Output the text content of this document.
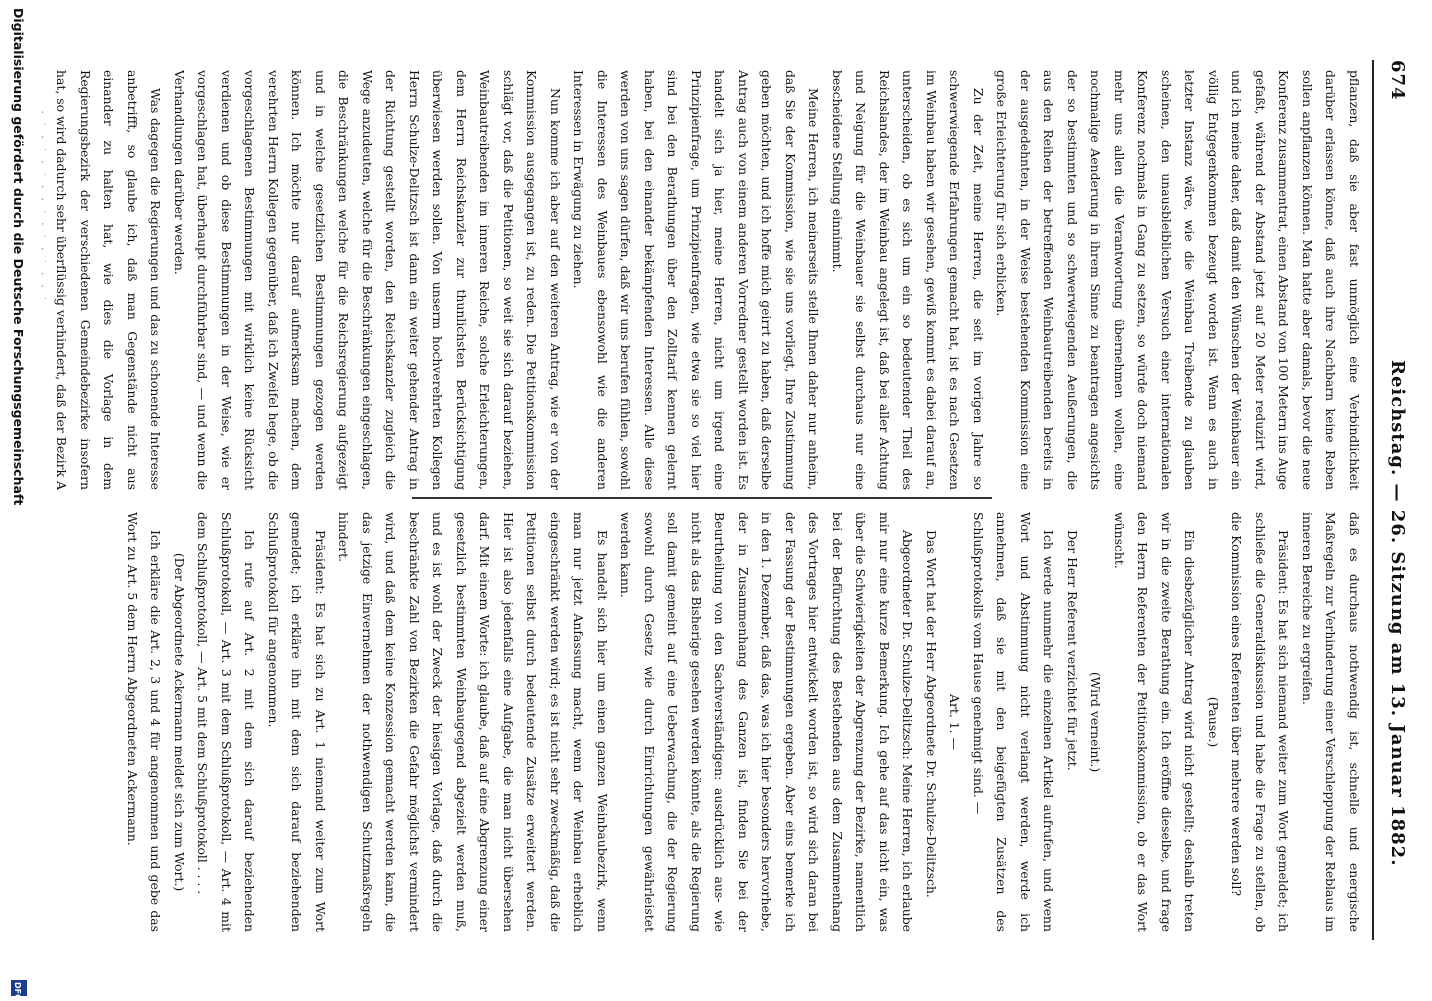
674
Reichstag. — 26. Sitzung am 13. Januar 1882.

pflanzen, daß sie aber fast unmöglich eine Verbindlichkeit darüber erlassen könne, daß auch ihre Nachbarn keine Reben sollen anpflanzen können. Man hatte aber damals, bevor die neue Konferenz zusammentrat, einen Abstand von 100 Metern ins Auge gefaßt, während der Abstand jetzt auf 20 Meter reduzirt wird, und ich meine daher, daß damit den Wünschen der Weinbauer ein völlig Entgegenkommen bezeugt worden ist. Wenn es auch in letzter Instanz wäre, wie die Weinbau Treibende zu glauben scheinen, den unausbleiblichen Versuch einer internationalen Konferenz nochmals in Gang zu setzen, so würde doch niemand mehr uns allen die Verantwortung übernehmen wollen, eine nochmalige Aenderung in ihrem Sinne zu beantragen angesichts der so bestimmten und so schwerwiegenden Aeußerungen, die aus den Reihen der betreffenden Weinbautreibenden bereits in der ausgedehnten, in der Weise bestehenden Kommission eine große Erleichterung für sich erblicken.

Zu der Zeit, meine Herren, die seit im vorigen Jahre so schwerwiegende Erfahrungen gemacht hat, ist es nach Gesetzen im Weinbau haben wir gesehen, gewiß kommt es dabei darauf an, unterscheiden, ob es sich um ein so bedeutender Theil des Reichslandes, der im Weinbau angelegt ist, daß bei aller Achtung und Neigung für die Weinbauer sie selbst durchaus nur eine bescheidene Stellung einnimmt.

Meine Herren, ich meinerseits stelle Ihnen daher nur anheim, daß Sie der Kommission, wie sie uns vorliegt, Ihre Zustimmung geben möchten, und ich hoffe mich geirrt zu haben, daß derselbe Antrag auch von einem anderen Vorredner gestellt worden ist. Es handelt sich ja hier, meine Herren, nicht um irgend eine Prinzipienfrage, um Prinzipienfragen, wie etwa sie so viel hier sind bei den Berathungen über den Zolltarif kennen gelernt haben, bei den einander bekämpfenden Interessen. Alle diese werden von uns sagen dürfen, daß wir uns berufen fühlen, sowohl die Interessen des Weinbaues ebensowohl wie die anderen Interessen in Erwägung zu ziehen.

Nun komme ich aber auf den weiteren Antrag, wie er von der Kommission ausgegangen ist, zu reden. Die Petitionskommission schlägt vor, daß die Petitionen, so weit sie sich darauf beziehen, Weinbautreibenden im inneren Reiche, solche Erleichterungen, dem Herrn Reichskanzler zur thunlichsten Berücksichtigung überwiesen werden sollen. Von unserm hochverehrten Kollegen Herrn Schulze-Delitzsch ist dann ein weiter gehender Antrag in der Richtung gestellt worden, den Reichskanzler zugleich die Wege anzudeuten, welche für die Beschränkungen eingeschlagen, die Beschränkungen welche für die Reichsregierung aufgezeigt und in welche gesetzlichen Bestimmungen gezogen werden können. Ich möchte nur darauf aufmerksam machen, dem verehrten Herrn Kollegen gegenüber, daß ich Zweifel hege, ob die vorgeschlagenen Bestimmungen mit wirklich keine Rücksicht verdienen und ob diese Bestimmungen in der Weise, wie er vorgeschlagen hat, überhaupt durchführbar sind, — und wenn die Verhandlungen darüber werden.

Was dagegen die Regierungen und das zu schonende Interesse anbetrifft, so glaube ich, daß man Gegenstände nicht aus einander zu halten hat, wie dies die Vorlage in dem Regierungsbezirk der verschiedenen Gemeindebezirke insofern hat, so wird dadurch sehr überflüssig verhindert, daß der Bezirk A

daß es durchaus nothwendig ist, schnelle und energische Maßregeln zur Verhinderung einer Verschleppung der Reblaus im inneren Bereiche zu ergreifen.

Präsident: Es hat sich niemand weiter zum Wort gemeldet; ich schließe die Generaldiskussion und habe die Frage zu stellen, ob die Kommission eines Referenten über mehrere werden soll?

(Pause.)

Ein diesbezüglicher Antrag wird nicht gestellt; deshalb treten wir in die zweite Berathung ein. Ich eröffne dieselbe, und frage den Herrn Referenten der Petitionskommission, ob er das Wort wünscht.

(Wird verneint.)

Der Herr Referent verzichtet für jetzt.

Ich werde nunmehr die einzelnen Artikel aufrufen, und wenn Wort und Abstimmung nicht verlangt werden, werde ich annehmen, daß sie mit den beigefügten Zusätzen des Schlußprotokolls vom Hause genehmigt sind. —

Art. 1. —

Das Wort hat der Herr Abgeordnete Dr. Schulze-Delitzsch.

Abgeordneter Dr. Schulze-Delitzsch: Meine Herren, ich erlaube mir nur eine kurze Bemerkung. Ich gehe auf das nicht ein, was über die Schwierigkeiten der Abgrenzung der Bezirke, namentlich bei der Befürchtung des Bestehenden aus dem Zusammenhang des Vortrages hier entwickelt worden ist, so wird sich daran bei der Fassung der Bestimmungen ergeben. Aber eins bemerke ich in den 1. Dezember, daß das, was ich hier besonders hervorhebe, der in Zusammenhang des Ganzen ist, finden Sie bei der Beurtheilung von den Sachverständigen: ausdrücklich aus- wie nicht als das Bisherige gesehen werden könnte, als die Regierung soll damit gemeint auf eine Ueberwachung, die der Regierung sowohl durch Gesetz wie durch Einrichtungen gewährleistet werden kann.

Es handelt sich hier um einen ganzen Weinbaubezirk, wenn man nur jetzt Anfassung macht, wenn der Weinbau erheblich eingeschränkt werden wird; es ist nicht sehr zweckmäßig, daß die Petitionen selbst durch bedeutende Zusätze erweitert werden. Hier ist also jedenfalls eine Aufgabe, die man nicht übersehen darf. Mit einem Worte: ich glaube, daß auf eine Abgrenzung einer gesetzlich bestimmten Weinbaugegend abgezielt werden muß, und es ist wohl der Zweck der hiesigen Vorlage, daß durch die beschränkte Zahl von Bezirken die Gefahr möglichst vermindert wird, und daß dem keine Konzession gemacht werden kann, die das jetzige Einvernehmen der nothwendigen Schutzmaßregeln hindert.

Präsident: Es hat sich zu Art. 1 niemand weiter zum Wort gemeldet; ich erkläre ihn mit dem sich darauf beziehenden Schlußprotokoll für angenommen.

Ich rufe auf Art. 2 mit dem sich darauf beziehenden Schlußprotokoll, — Art. 3 mit dem Schlußprotokoll, — Art. 4 mit dem Schlußprotokoll, — Art. 5 mit dem Schlußprotokoll . . . .

(Der Abgeordnete Ackermann meldet sich zum Wort.)

Ich erkläre die Art. 2, 3 und 4 für angenommen und gebe das Wort zu Art. 5 dem Herrn Abgeordneten Ackermann.

· ˙ · ˙ · ˙ · · ˙ · ˙ · ˙ · · ˙
Digitalisierung gefördert durch die Deutsche Forschungsgemeinschaft
DFG
